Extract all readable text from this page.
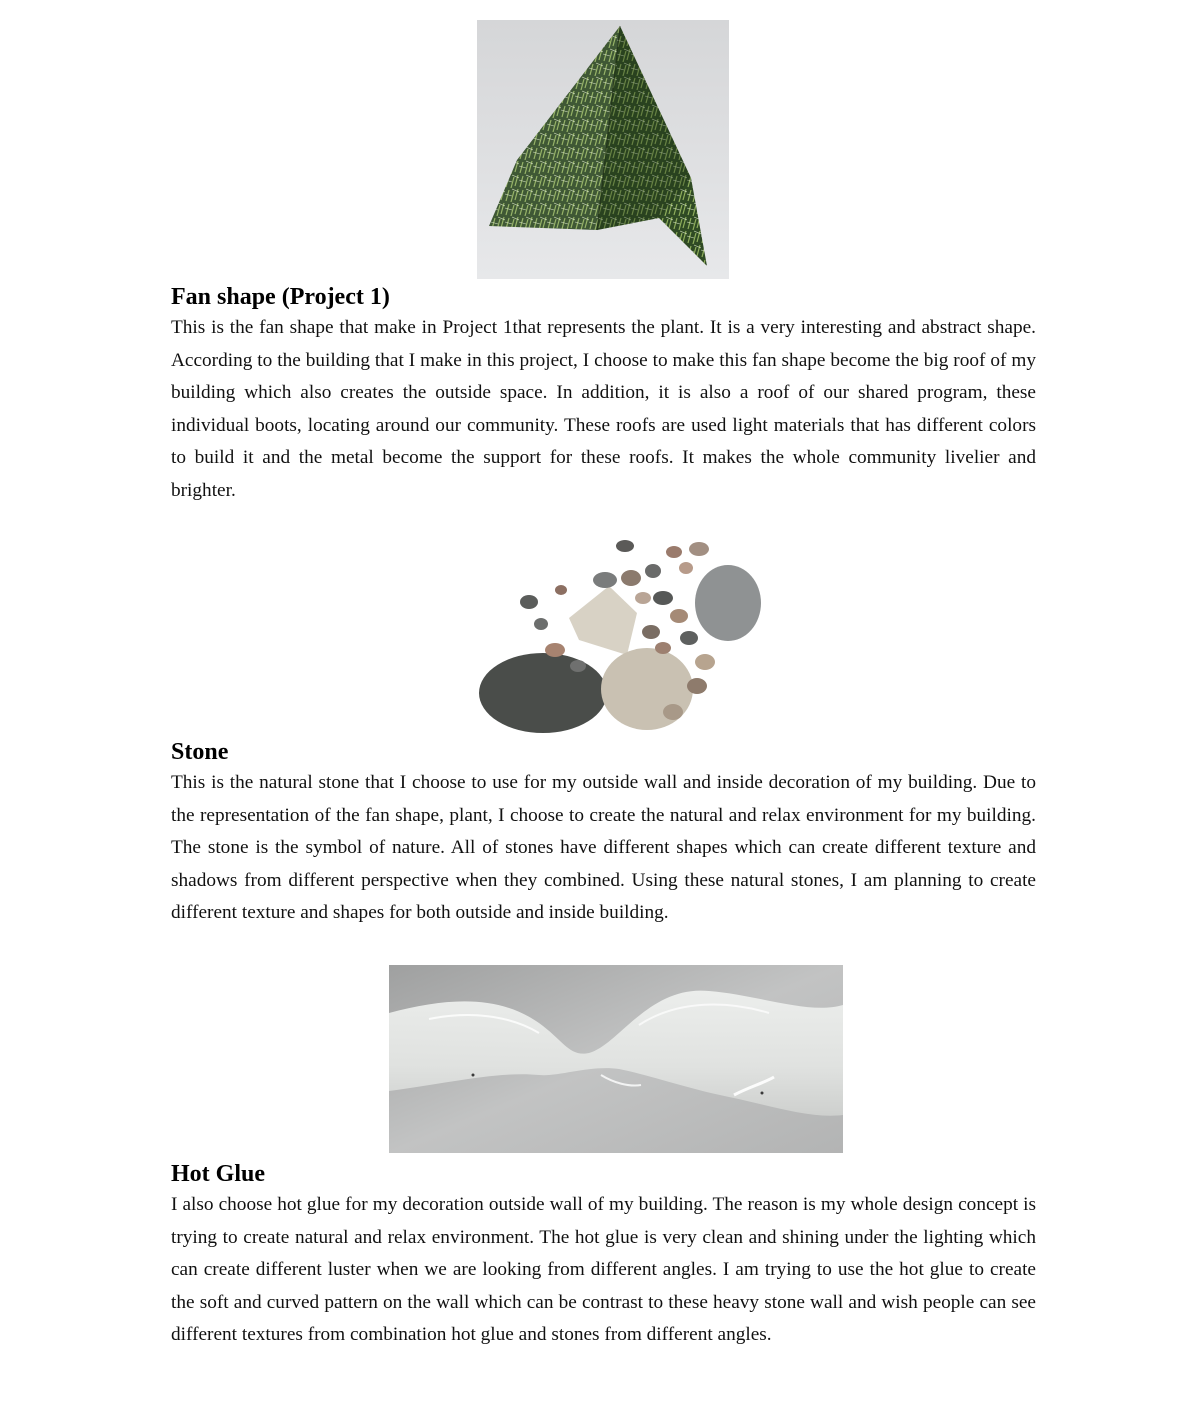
Fan shape (Project 1)

This is the fan shape that make in Project 1that represents the plant. It is a very interesting and abstract shape. According to the building that I make in this project, I choose to make this fan shape become the big roof of my building which also creates the outside space. In addition, it is also a roof of our shared program, these individual boots, locating around our community. These roofs are used light materials that has different colors to build it and the metal become the support for these roofs. It makes the whole community livelier and brighter.

Stone

This is the natural stone that I choose to use for my outside wall and inside decoration of my building. Due to the representation of the fan shape, plant, I choose to create the natural and relax environment for my building. The stone is the symbol of nature. All of stones have different shapes which can create different texture and shadows from different perspective when they combined. Using these natural stones, I am planning to create different texture and shapes for both outside and inside building.

Hot Glue

I also choose hot glue for my decoration outside wall of my building. The reason is my whole design concept is trying to create natural and relax environment. The hot glue is very clean and shining under the lighting which can create different luster when we are looking from different angles. I am trying to use the hot glue to create the soft and curved pattern on the wall which can be contrast to these heavy stone wall and wish people can see different textures from combination hot glue and stones from different angles.
